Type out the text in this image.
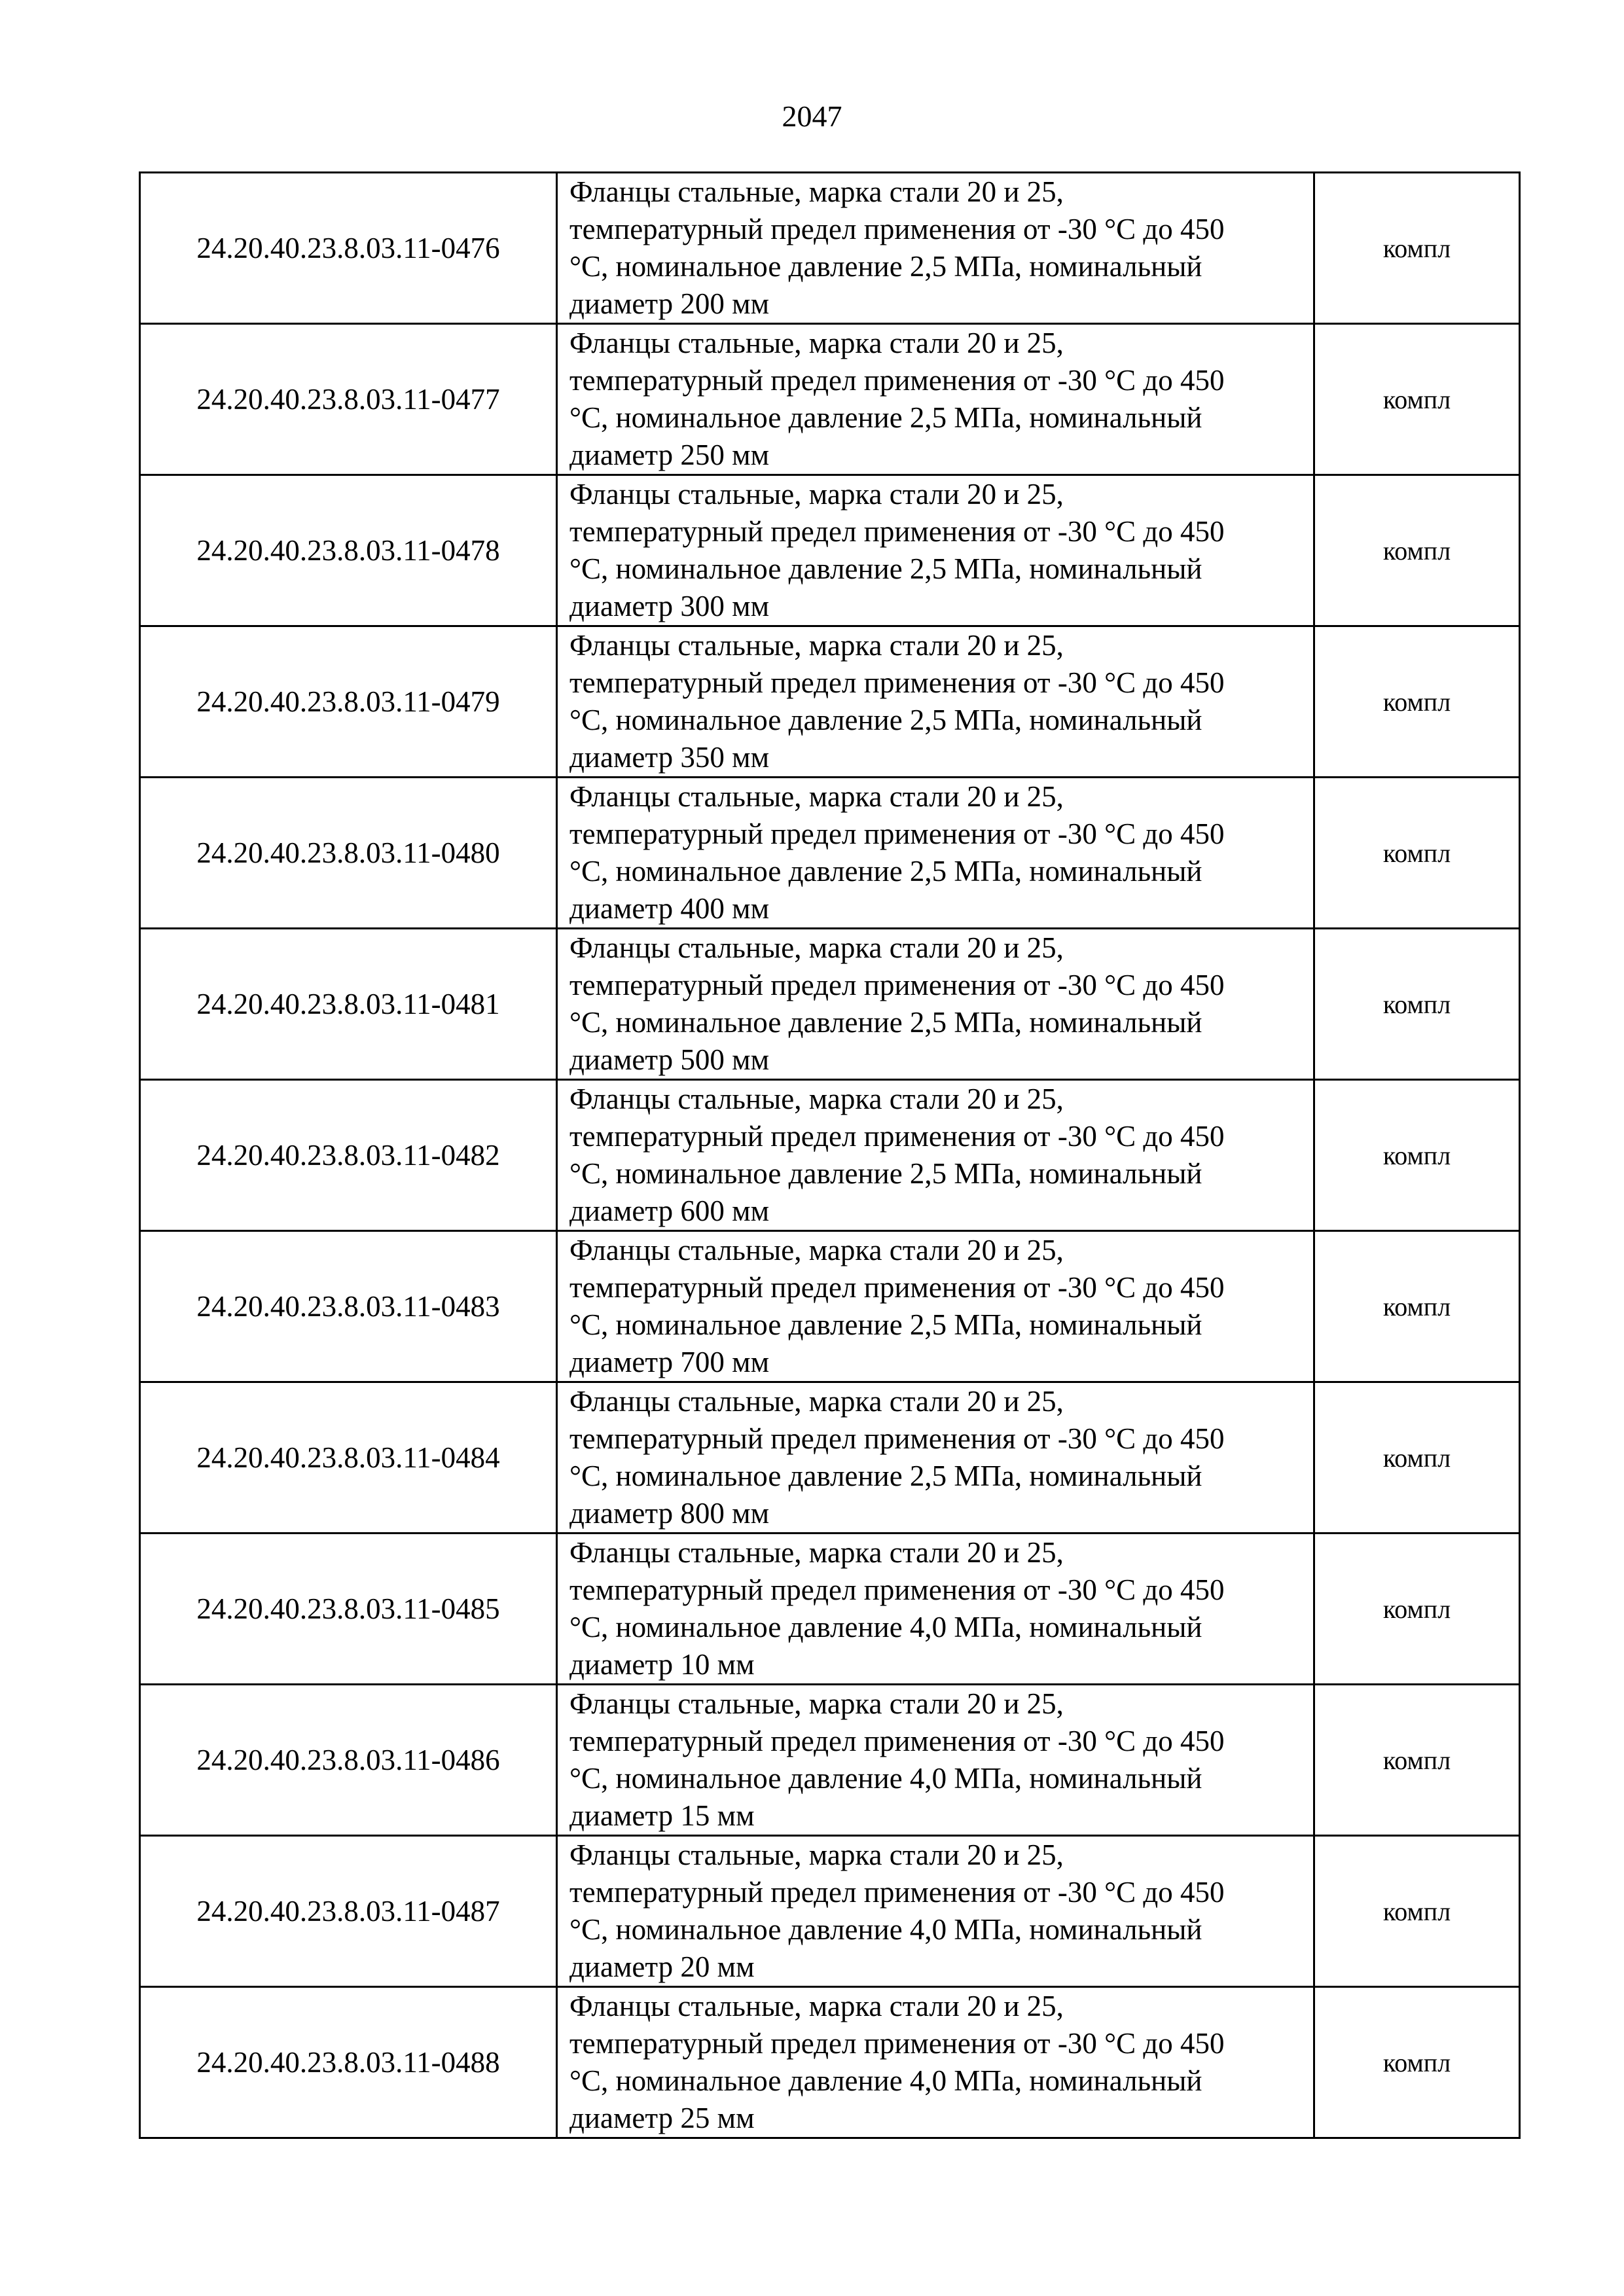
2047
24.20.40.23.8.03.11-0476	Фланцы стальные, марка стали 20 и 25,
температурный предел применения от -30 °C до 450
°C, номинальное давление 2,5 МПа, номинальный
диаметр 200 мм	компл
24.20.40.23.8.03.11-0477	Фланцы стальные, марка стали 20 и 25,
температурный предел применения от -30 °C до 450
°C, номинальное давление 2,5 МПа, номинальный
диаметр 250 мм	компл
24.20.40.23.8.03.11-0478	Фланцы стальные, марка стали 20 и 25,
температурный предел применения от -30 °C до 450
°C, номинальное давление 2,5 МПа, номинальный
диаметр 300 мм	компл
24.20.40.23.8.03.11-0479	Фланцы стальные, марка стали 20 и 25,
температурный предел применения от -30 °C до 450
°C, номинальное давление 2,5 МПа, номинальный
диаметр 350 мм	компл
24.20.40.23.8.03.11-0480	Фланцы стальные, марка стали 20 и 25,
температурный предел применения от -30 °C до 450
°C, номинальное давление 2,5 МПа, номинальный
диаметр 400 мм	компл
24.20.40.23.8.03.11-0481	Фланцы стальные, марка стали 20 и 25,
температурный предел применения от -30 °C до 450
°C, номинальное давление 2,5 МПа, номинальный
диаметр 500 мм	компл
24.20.40.23.8.03.11-0482	Фланцы стальные, марка стали 20 и 25,
температурный предел применения от -30 °C до 450
°C, номинальное давление 2,5 МПа, номинальный
диаметр 600 мм	компл
24.20.40.23.8.03.11-0483	Фланцы стальные, марка стали 20 и 25,
температурный предел применения от -30 °C до 450
°C, номинальное давление 2,5 МПа, номинальный
диаметр 700 мм	компл
24.20.40.23.8.03.11-0484	Фланцы стальные, марка стали 20 и 25,
температурный предел применения от -30 °C до 450
°C, номинальное давление 2,5 МПа, номинальный
диаметр 800 мм	компл
24.20.40.23.8.03.11-0485	Фланцы стальные, марка стали 20 и 25,
температурный предел применения от -30 °C до 450
°C, номинальное давление 4,0 МПа, номинальный
диаметр 10 мм	компл
24.20.40.23.8.03.11-0486	Фланцы стальные, марка стали 20 и 25,
температурный предел применения от -30 °C до 450
°C, номинальное давление 4,0 МПа, номинальный
диаметр 15 мм	компл
24.20.40.23.8.03.11-0487	Фланцы стальные, марка стали 20 и 25,
температурный предел применения от -30 °C до 450
°C, номинальное давление 4,0 МПа, номинальный
диаметр 20 мм	компл
24.20.40.23.8.03.11-0488	Фланцы стальные, марка стали 20 и 25,
температурный предел применения от -30 °C до 450
°C, номинальное давление 4,0 МПа, номинальный
диаметр 25 мм	компл
